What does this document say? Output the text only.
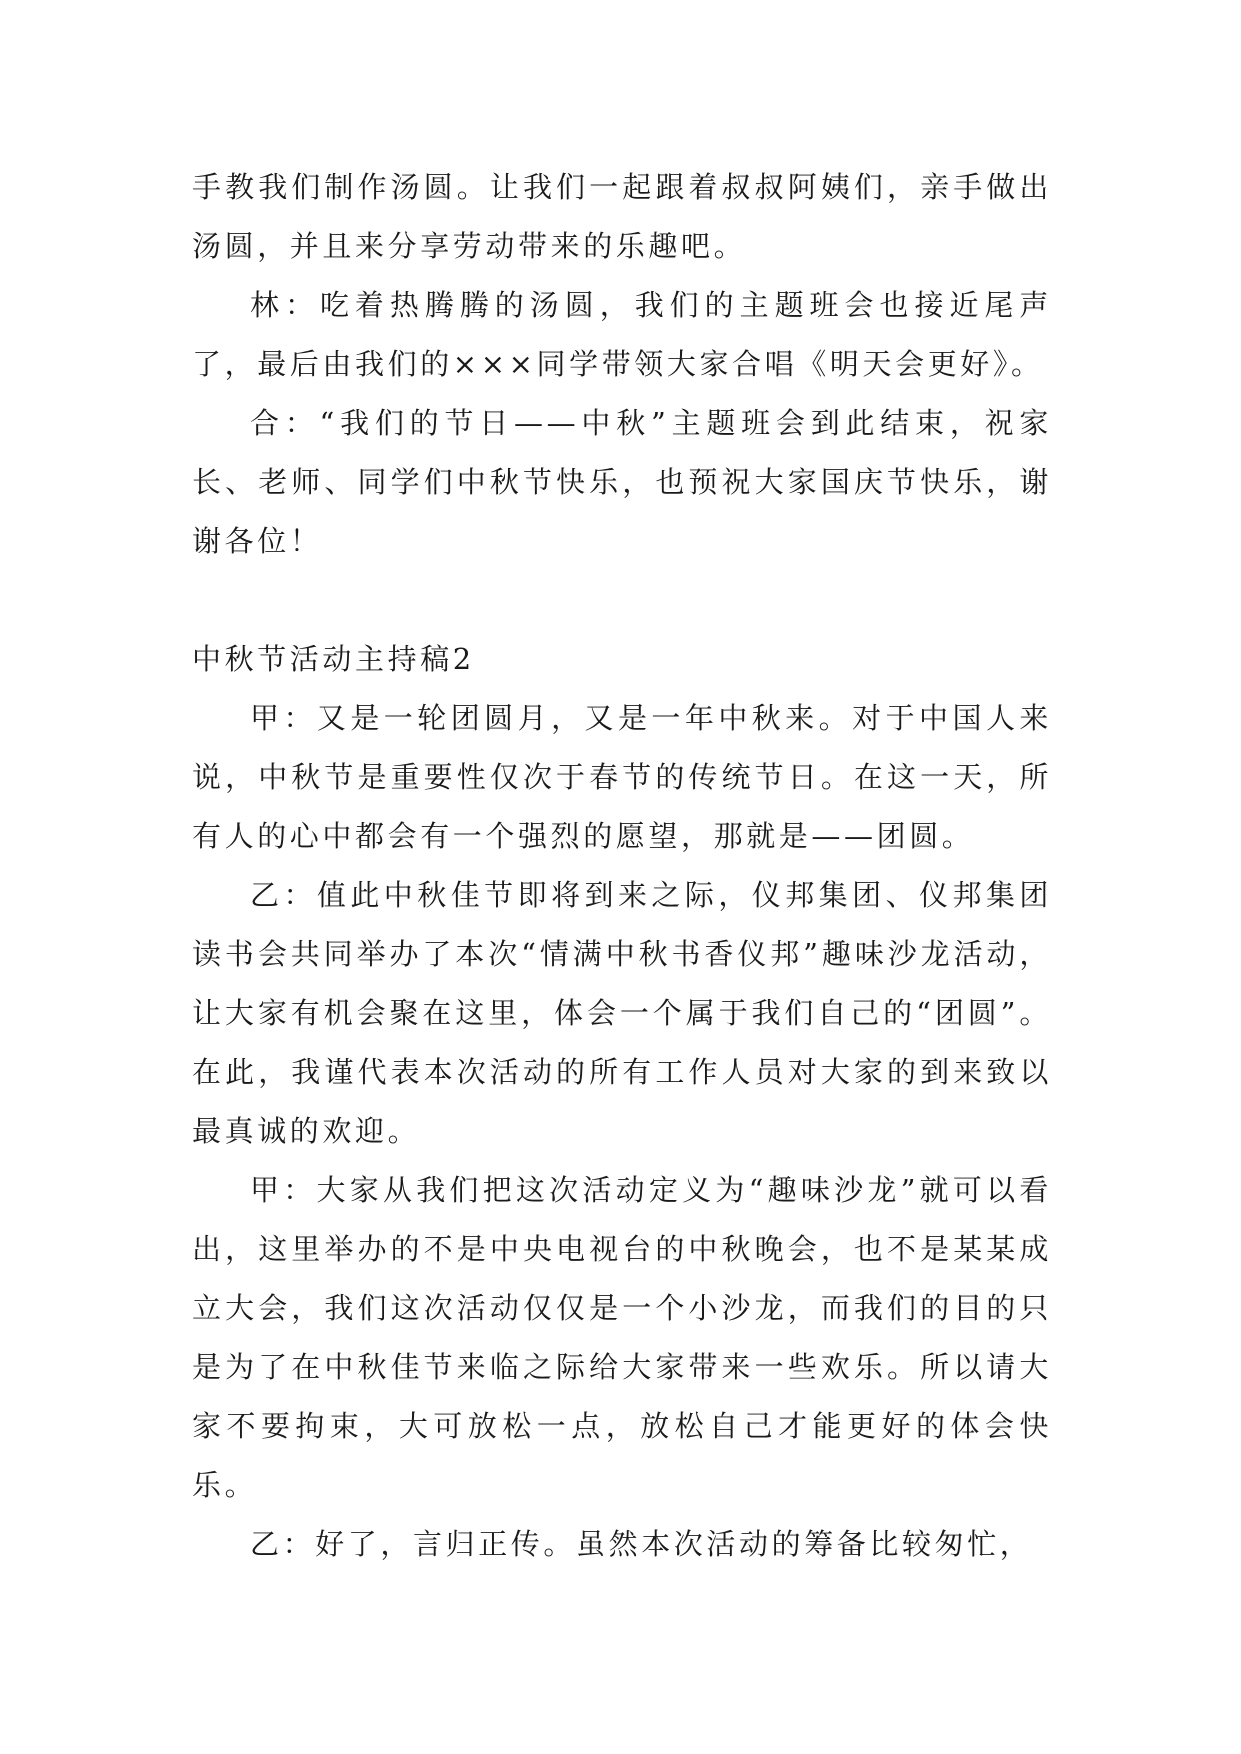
手教我们制作汤圆。让我们一起跟着叔叔阿姨们，亲手做出汤圆，并且来分享劳动带来的乐趣吧。

林：吃着热腾腾的汤圆，我们的主题班会也接近尾声了，最后由我们的×××同学带领大家合唱《明天会更好》。

合：“我们的节日——中秋”主题班会到此结束，祝家长、老师、同学们中秋节快乐，也预祝大家国庆节快乐，谢谢各位！

中秋节活动主持稿2

甲：又是一轮团圆月，又是一年中秋来。对于中国人来说，中秋节是重要性仅次于春节的传统节日。在这一天，所有人的心中都会有一个强烈的愿望，那就是——团圆。

乙：值此中秋佳节即将到来之际，仪邦集团、仪邦集团读书会共同举办了本次“情满中秋书香仪邦”趣味沙龙活动，让大家有机会聚在这里，体会一个属于我们自己的“团圆”。在此，我谨代表本次活动的所有工作人员对大家的到来致以最真诚的欢迎。

甲：大家从我们把这次活动定义为“趣味沙龙”就可以看出，这里举办的不是中央电视台的中秋晚会，也不是某某成立大会，我们这次活动仅仅是一个小沙龙，而我们的目的只是为了在中秋佳节来临之际给大家带来一些欢乐。所以请大家不要拘束，大可放松一点，放松自己才能更好的体会快乐。

乙：好了，言归正传。虽然本次活动的筹备比较匆忙，
